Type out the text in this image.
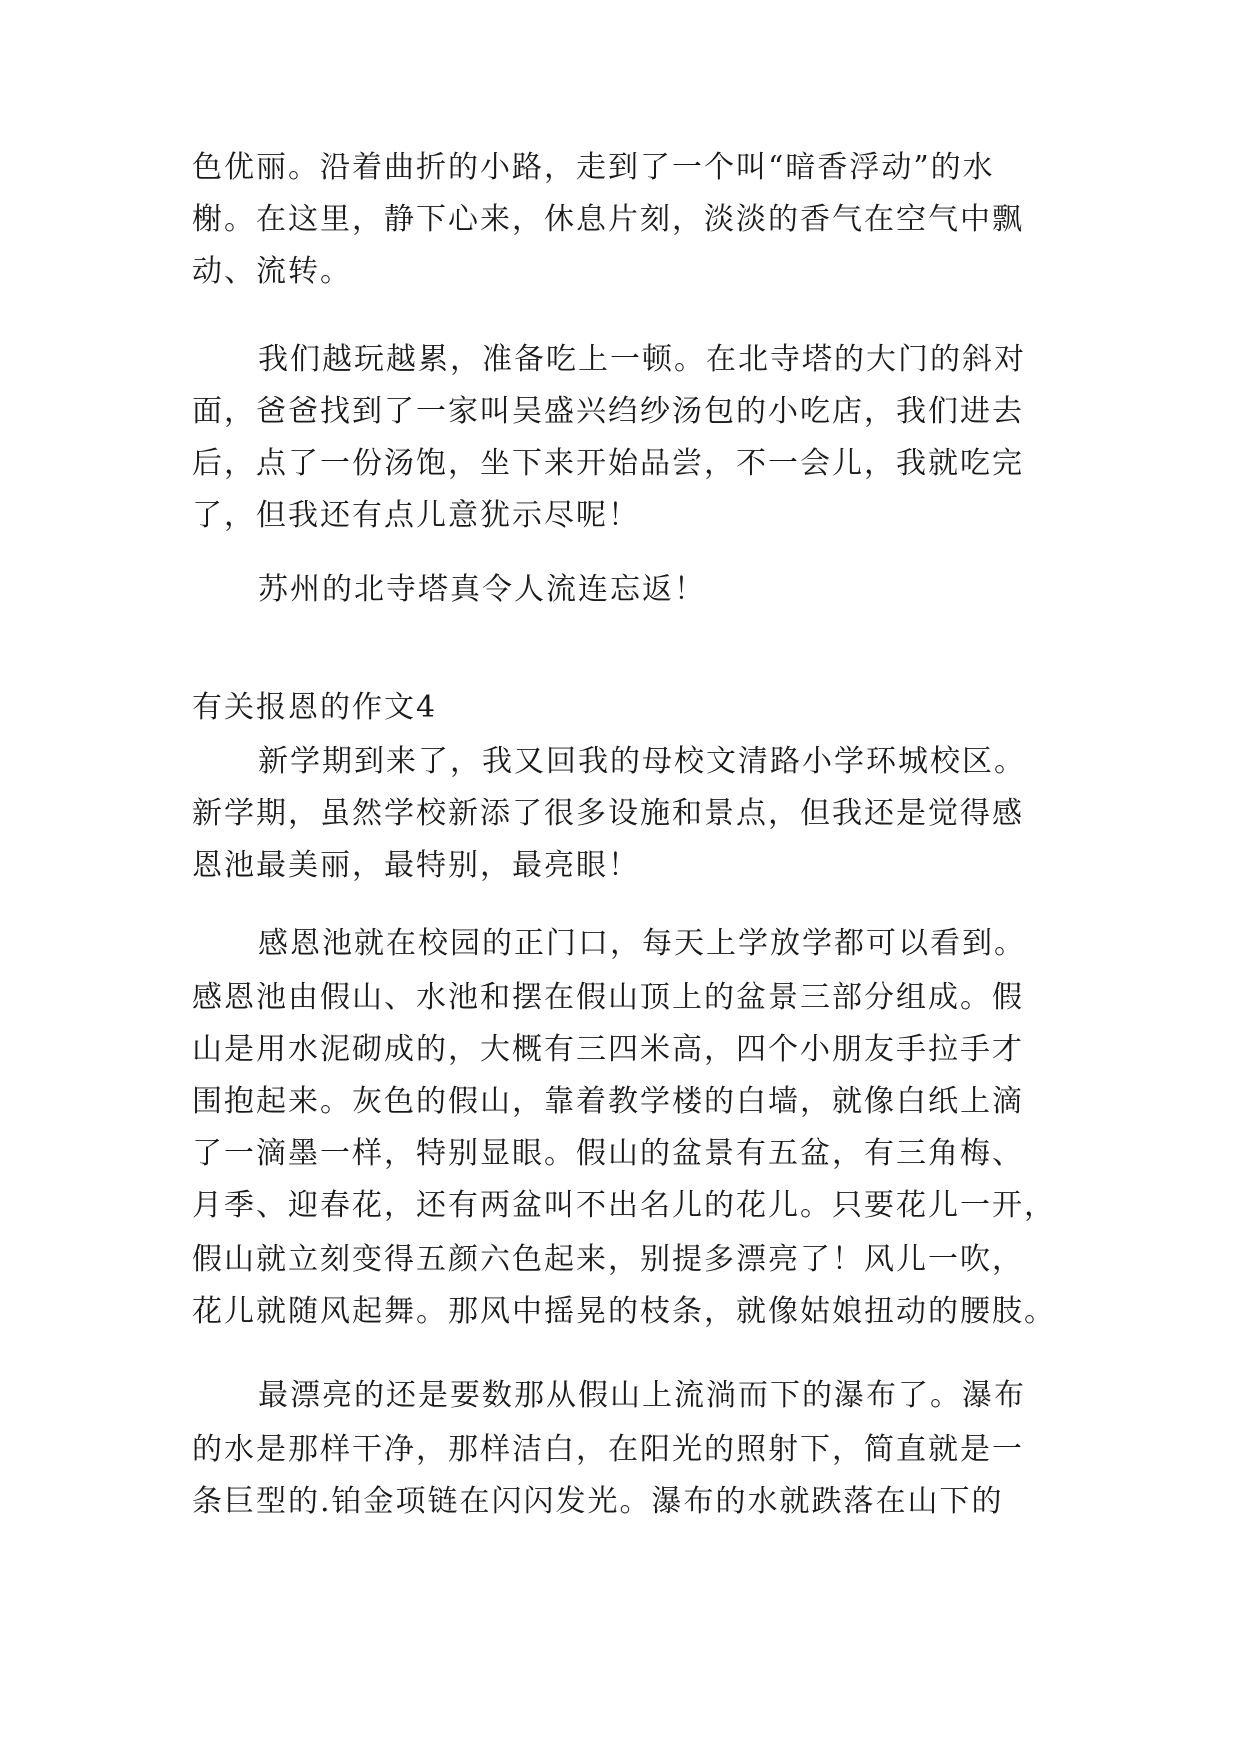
色优丽。沿着曲折的小路，走到了一个叫“暗香浮动”的水
榭。在这里，静下心来，休息片刻，淡淡的香气在空气中飘
动、流转。
我们越玩越累，准备吃上一顿。在北寺塔的大门的斜对
面，爸爸找到了一家叫吴盛兴绉纱汤包的小吃店，我们进去
后，点了一份汤饱，坐下来开始品尝，不一会儿，我就吃完
了，但我还有点儿意犹示尽呢！
苏州的北寺塔真令人流连忘返！
有关报恩的作文4
新学期到来了，我又回我的母校文清路小学环城校区。
新学期，虽然学校新添了很多设施和景点，但我还是觉得感
恩池最美丽，最特别，最亮眼！
感恩池就在校园的正门口，每天上学放学都可以看到。
感恩池由假山、水池和摆在假山顶上的盆景三部分组成。假
山是用水泥砌成的，大概有三四米高，四个小朋友手拉手才
围抱起来。灰色的假山，靠着教学楼的白墙，就像白纸上滴
了一滴墨一样，特别显眼。假山的盆景有五盆，有三角梅、
月季、迎春花，还有两盆叫不出名儿的花儿。只要花儿一开，
假山就立刻变得五颜六色起来，别提多漂亮了！风儿一吹，
花儿就随风起舞。那风中摇晃的枝条，就像姑娘扭动的腰肢。
最漂亮的还是要数那从假山上流淌而下的瀑布了。瀑布
的水是那样干净，那样洁白，在阳光的照射下，简直就是一
条巨型的.铂金项链在闪闪发光。瀑布的水就跌落在山下的
